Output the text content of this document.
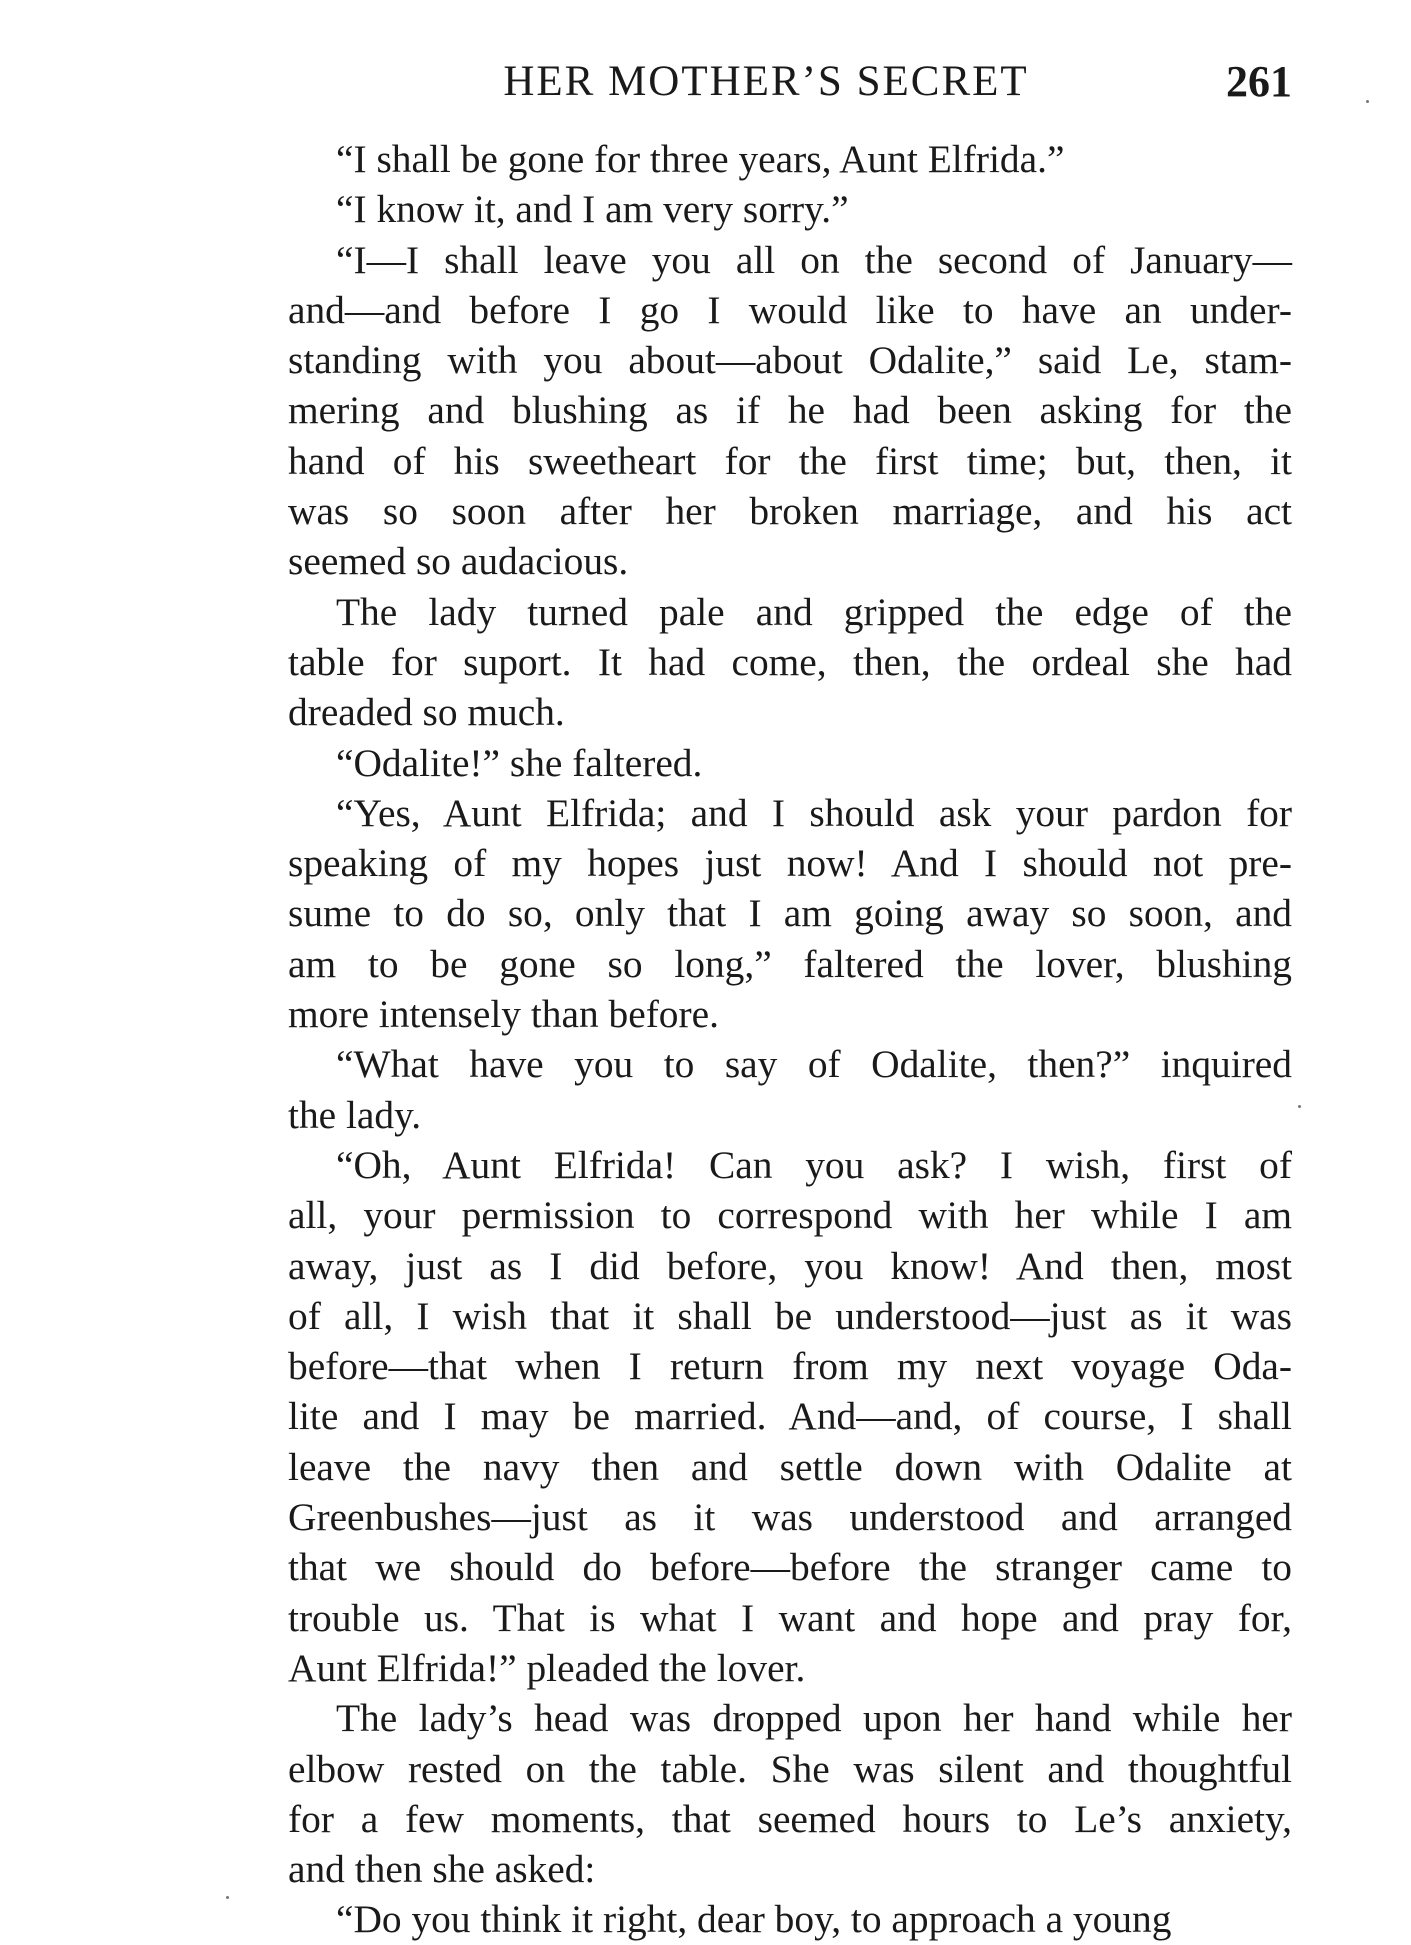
HER MOTHER’S SECRET	261
“I shall be gone for three years, Aunt Elfrida.”
“I know it, and I am very sorry.”
“I—I shall leave you all on the second of January—
and—and before I go I would like to have an under-
standing with you about—about Odalite,” said Le, stam-
mering and blushing as if he had been asking for the
hand of his sweetheart for the first time; but, then, it
was so soon after her broken marriage, and his act
seemed so audacious.
The lady turned pale and gripped the edge of the
table for suport. It had come, then, the ordeal she had
dreaded so much.
“Odalite!” she faltered.
“Yes, Aunt Elfrida; and I should ask your pardon for
speaking of my hopes just now! And I should not pre-
sume to do so, only that I am going away so soon, and
am to be gone so long,” faltered the lover, blushing
more intensely than before.
“What have you to say of Odalite, then?” inquired
the lady.
“Oh, Aunt Elfrida! Can you ask? I wish, first of
all, your permission to correspond with her while I am
away, just as I did before, you know! And then, most
of all, I wish that it shall be understood—just as it was
before—that when I return from my next voyage Oda-
lite and I may be married. And—and, of course, I shall
leave the navy then and settle down with Odalite at
Greenbushes—just as it was understood and arranged
that we should do before—before the stranger came to
trouble us. That is what I want and hope and pray for,
Aunt Elfrida!” pleaded the lover.
The lady’s head was dropped upon her hand while her
elbow rested on the table. She was silent and thoughtful
for a few moments, that seemed hours to Le’s anxiety,
and then she asked:
“Do you think it right, dear boy, to approach a young
